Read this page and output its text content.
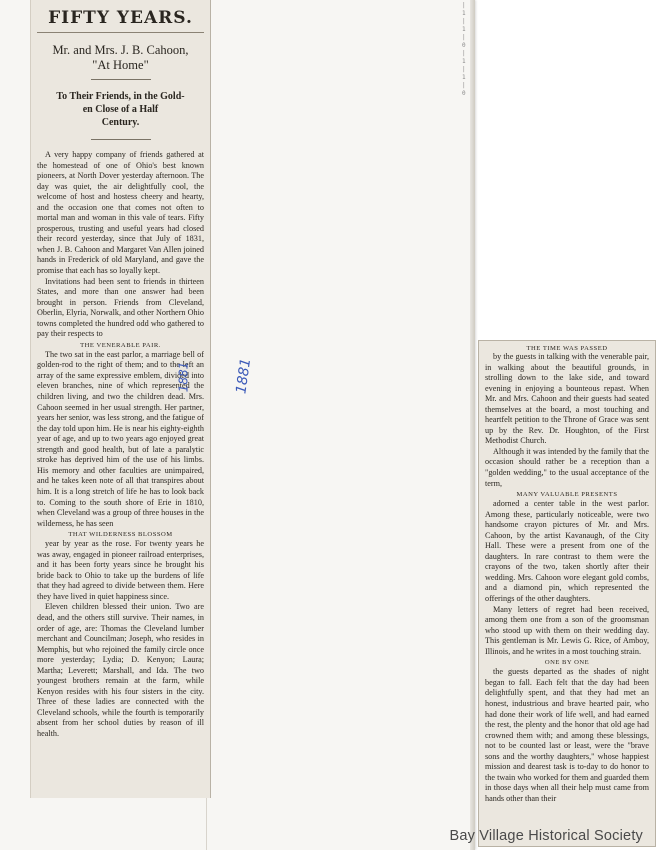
| 1 | 1 | 0 | 1 | 1 | 0
FIFTY YEARS.
Mr. and Mrs. J. B. Cahoon,
"At Home"
To Their Friends, in the Gold-
en Close of a Half
Century.

A very happy company of friends gathered at the homestead of one of Ohio's best known pioneers, at North Dover yesterday afternoon. The day was quiet, the air delightfully cool, the welcome of host and hostess cheery and hearty, and the occasion one that comes not often to mortal man and woman in this vale of tears. Fifty prosperous, trusting and useful years had closed their record yesterday, since that July of 1831, when J. B. Cahoon and Margaret Van Allen joined hands in Frederick of old Maryland, and gave the promise that each has so loyally kept.

Invitations had been sent to friends in thirteen States, and more than one answer had been brought in person. Friends from Cleveland, Oberlin, Elyria, Norwalk, and other Northern Ohio towns completed the hundred odd who gathered to pay their respects to

THE VENERABLE PAIR.

The two sat in the east parlor, a marriage bell of golden-rod to the right of them; and to the left an array of the same expressive emblem, divided into eleven branches, nine of which represented the children living, and two the children dead. Mrs. Cahoon seemed in her usual strength. Her partner, years her senior, was less strong, and the fatigue of the day told upon him. He is near his eighty-eighth year of age, and up to two years ago enjoyed great strength and good health, but of late a paralytic stroke has deprived him of the use of his limbs. His memory and other faculties are unimpaired, and he takes keen note of all that transpires about him. It is a long stretch of life he has to look back to. Coming to the south shore of Erie in 1810, when Cleveland was a group of three houses in the wilderness, he has seen

THAT WILDERNESS BLOSSOM

year by year as the rose. For twenty years he was away, engaged in pioneer railroad enterprises, and it has been forty years since he brought his bride back to Ohio to take up the burdens of life that they had agreed to divide between them. Here they have lived in quiet happiness since.

Eleven children blessed their union. Two are dead, and the others still survive. Their names, in order of age, are: Thomas the Cleveland lumber merchant and Councilman; Joseph, who resides in Memphis, but who rejoined the family circle once more yesterday; Lydia; D. Kenyon; Laura; Martha; Leverett; Marshall, and Ida. The two youngest brothers remain at the farm, while Kenyon resides with his four sisters in the city. Three of these ladies are connected with the Cleveland schools, while the fourth is temporarily absent from her school duties by reason of ill health.

THE TIME WAS PASSED

by the guests in talking with the venerable pair, in walking about the beautiful grounds, in strolling down to the lake side, and toward evening in enjoying a bounteous repast. When Mr. and Mrs. Cahoon and their guests had seated themselves at the board, a most touching and heartfelt petition to the Throne of Grace was sent up by the Rev. Dr. Houghton, of the First Methodist Church.

Although it was intended by the family that the occasion should rather be a reception than a "golden wedding," to the usual acceptance of the term,

MANY VALUABLE PRESENTS

adorned a center table in the west parlor. Among these, particularly noticeable, were two handsome crayon pictures of Mr. and Mrs. Cahoon, by the artist Kavanaugh, of the City Hall. These were a present from one of the daughters. In rare contrast to them were the crayons of the two, taken shortly after their wedding. Mrs. Cahoon wore elegant gold combs, and a diamond pin, which represented the offerings of the other daughters.

Many letters of regret had been received, among them one from a son of the groomsman who stood up with them on their wedding day. This gentleman is Mr. Lewis G. Rice, of Amboy, Illinois, and he writes in a most touching strain.

ONE BY ONE

the guests departed as the shades of night began to fall. Each felt that the day had been delightfully spent, and that they had met an honest, industrious and brave hearted pair, who had done their work of life well, and had earned the rest, the plenty and the honor that old age had crowned them with; and among these blessings, not to be counted last or least, were the "brave sons and the worthy daughters," whose happiest mission and dearest task is to-day to do honor to the twain who worked for them and guarded them in those days when all their help must came from hands other than their

1881	1881
Bay Village Historical Society
